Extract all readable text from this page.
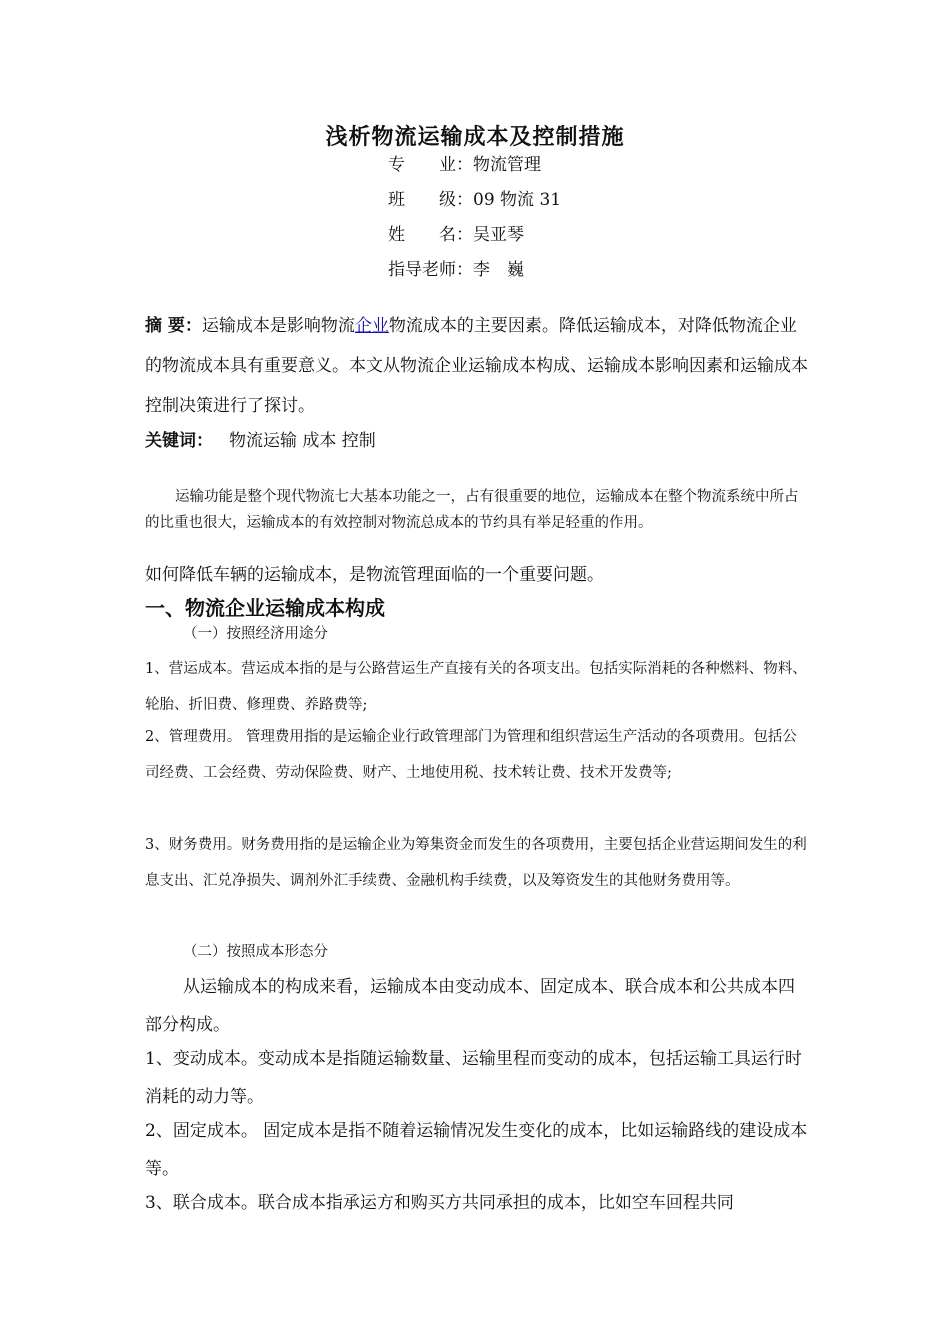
浅析物流运输成本及控制措施
专　　业：物流管理
班　　级：09 物流 31
姓　　名：吴亚琴
指导老师：李　巍
摘 要：运输成本是影响物流企业物流成本的主要因素。降低运输成本，对降低物流企业的物流成本具有重要意义。本文从物流企业运输成本构成、运输成本影响因素和运输成本控制决策进行了探讨。
关键词： 物流运输 成本 控制
运输功能是整个现代物流七大基本功能之一，占有很重要的地位，运输成本在整个物流系统中所占的比重也很大，运输成本的有效控制对物流总成本的节约具有举足轻重的作用。
如何降低车辆的运输成本，是物流管理面临的一个重要问题。
一、物流企业运输成本构成
（一）按照经济用途分
1、营运成本。营运成本指的是与公路营运生产直接有关的各项支出。包括实际消耗的各种燃料、物料、轮胎、折旧费、修理费、养路费等;
2、管理费用。 管理费用指的是运输企业行政管理部门为管理和组织营运生产活动的各项费用。包括公司经费、工会经费、劳动保险费、财产、土地使用税、技术转让费、技术开发费等;
3、财务费用。财务费用指的是运输企业为筹集资金而发生的各项费用，主要包括企业营运期间发生的利息支出、汇兑净损失、调剂外汇手续费、金融机构手续费，以及筹资发生的其他财务费用等。
（二）按照成本形态分
从运输成本的构成来看，运输成本由变动成本、固定成本、联合成本和公共成本四部分构成。
1、变动成本。变动成本是指随运输数量、运输里程而变动的成本，包括运输工具运行时消耗的动力等。
2、固定成本。 固定成本是指不随着运输情况发生变化的成本，比如运输路线的建设成本等。
3、联合成本。联合成本指承运方和购买方共同承担的成本，比如空车回程共同
